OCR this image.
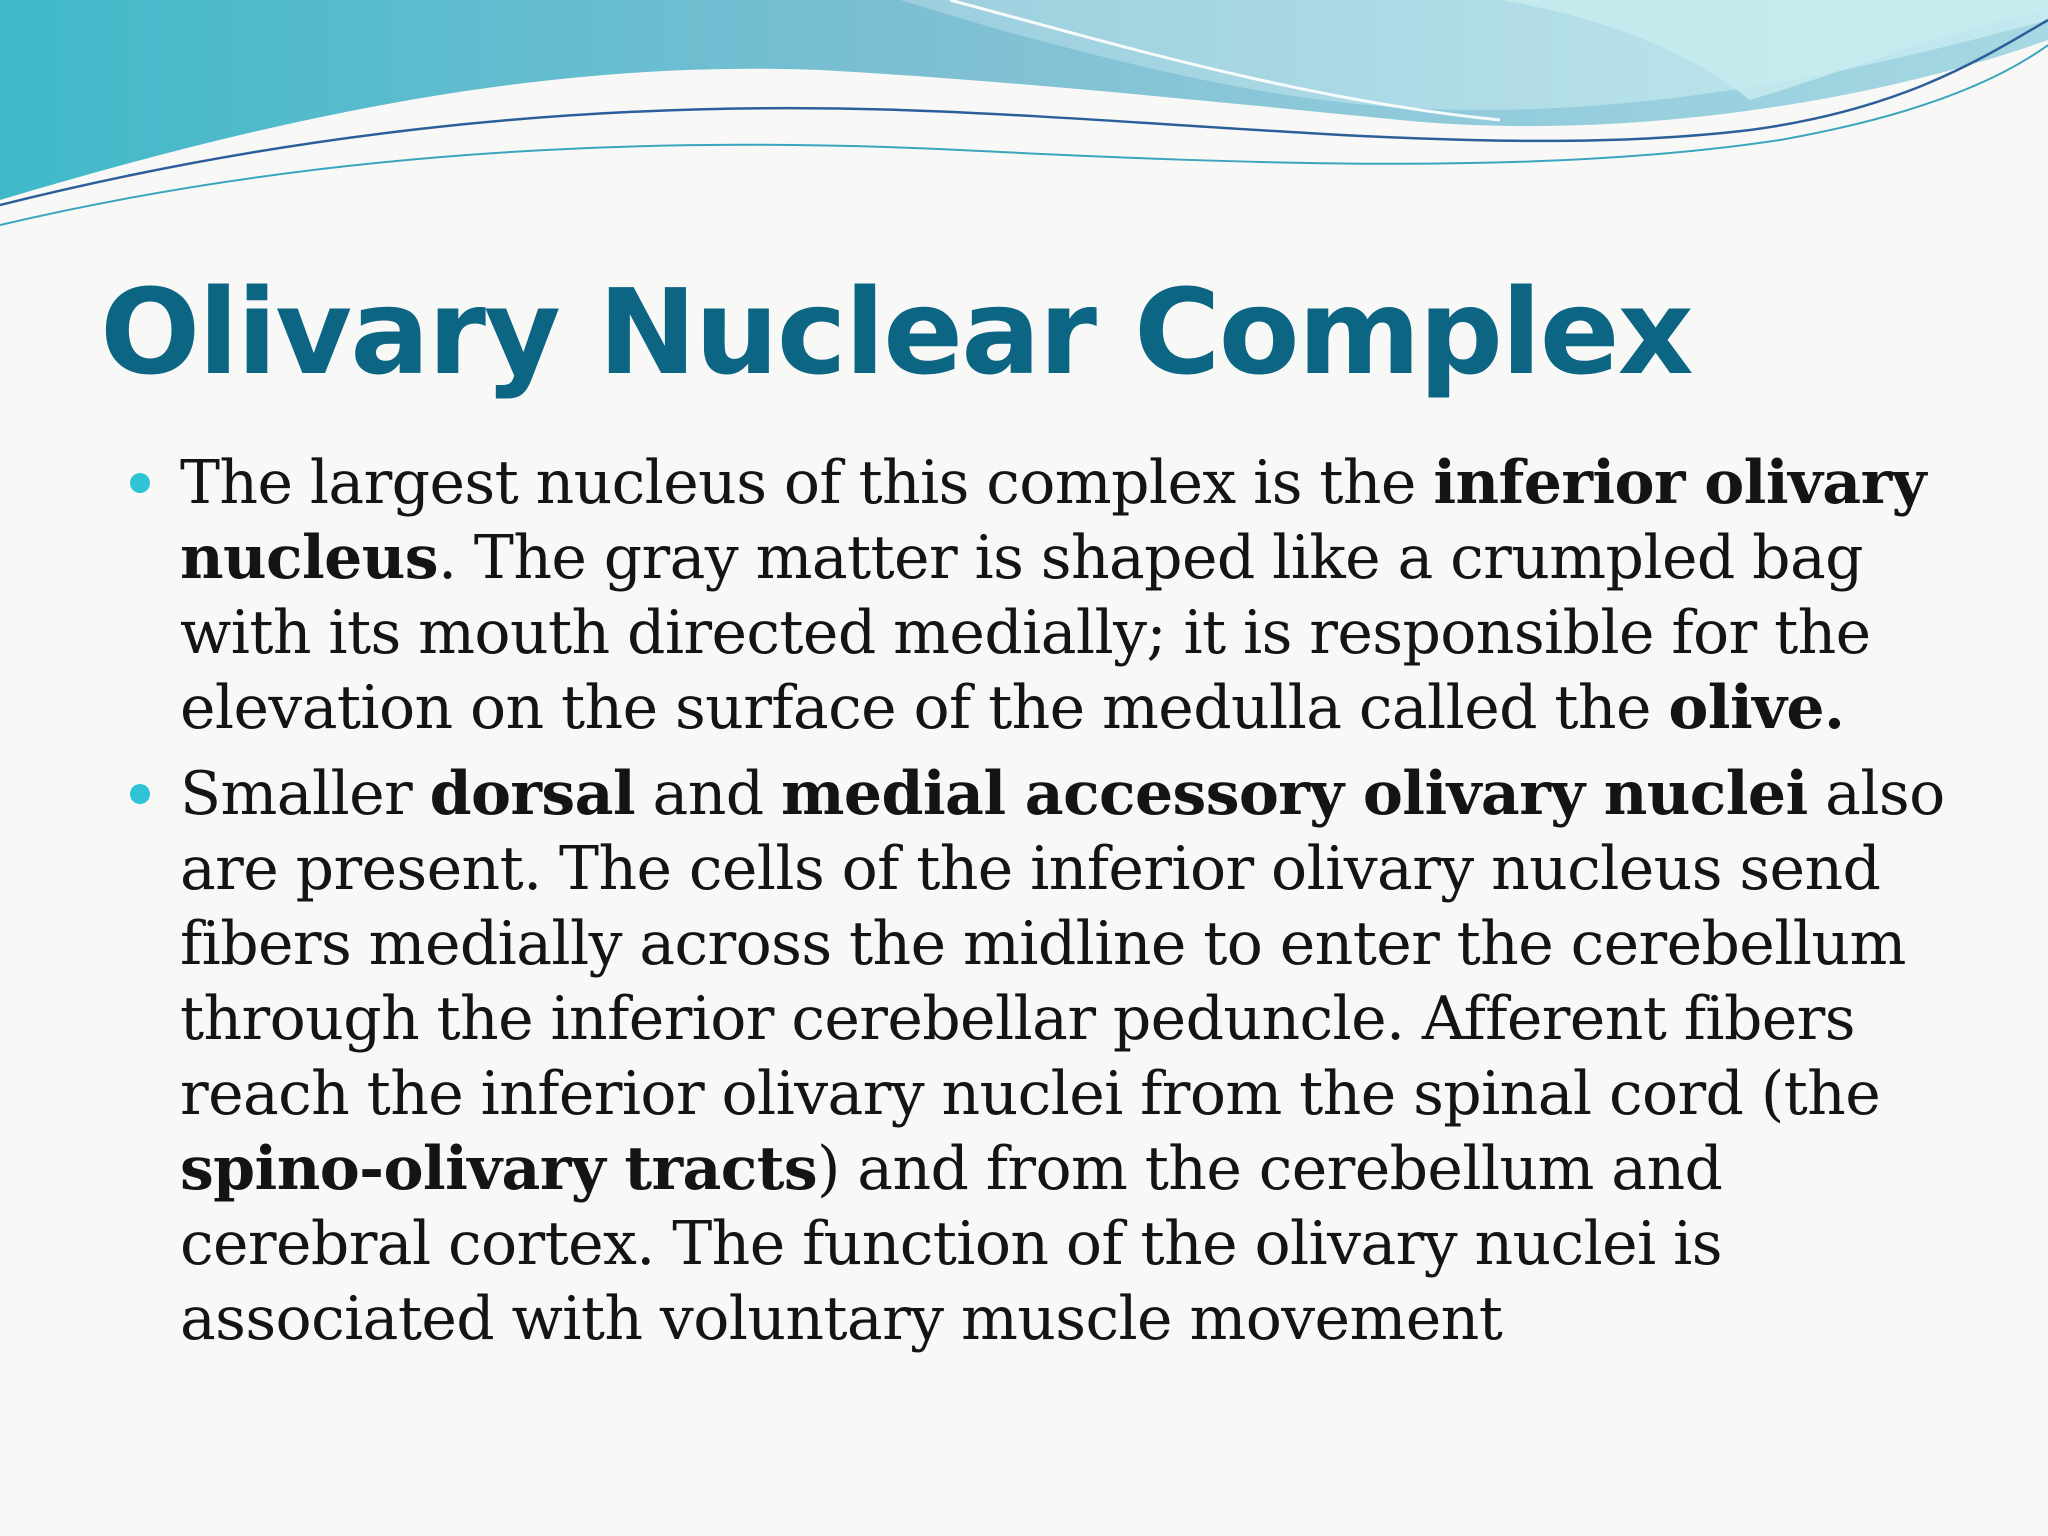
Olivary Nuclear Complex
The largest nucleus of this complex is the inferior olivary
nucleus. The gray matter is shaped like a crumpled bag
with its mouth directed medially; it is responsible for the
elevation on the surface of the medulla called the olive.
Smaller dorsal and medial accessory olivary nuclei also
are present. The cells of the inferior olivary nucleus send
fibers medially across the midline to enter the cerebellum
through the inferior cerebellar peduncle. Afferent fibers
reach the inferior olivary nuclei from the spinal cord (the
spino-olivary tracts) and from the cerebellum and
cerebral cortex. The function of the olivary nuclei is
associated with voluntary muscle movement
